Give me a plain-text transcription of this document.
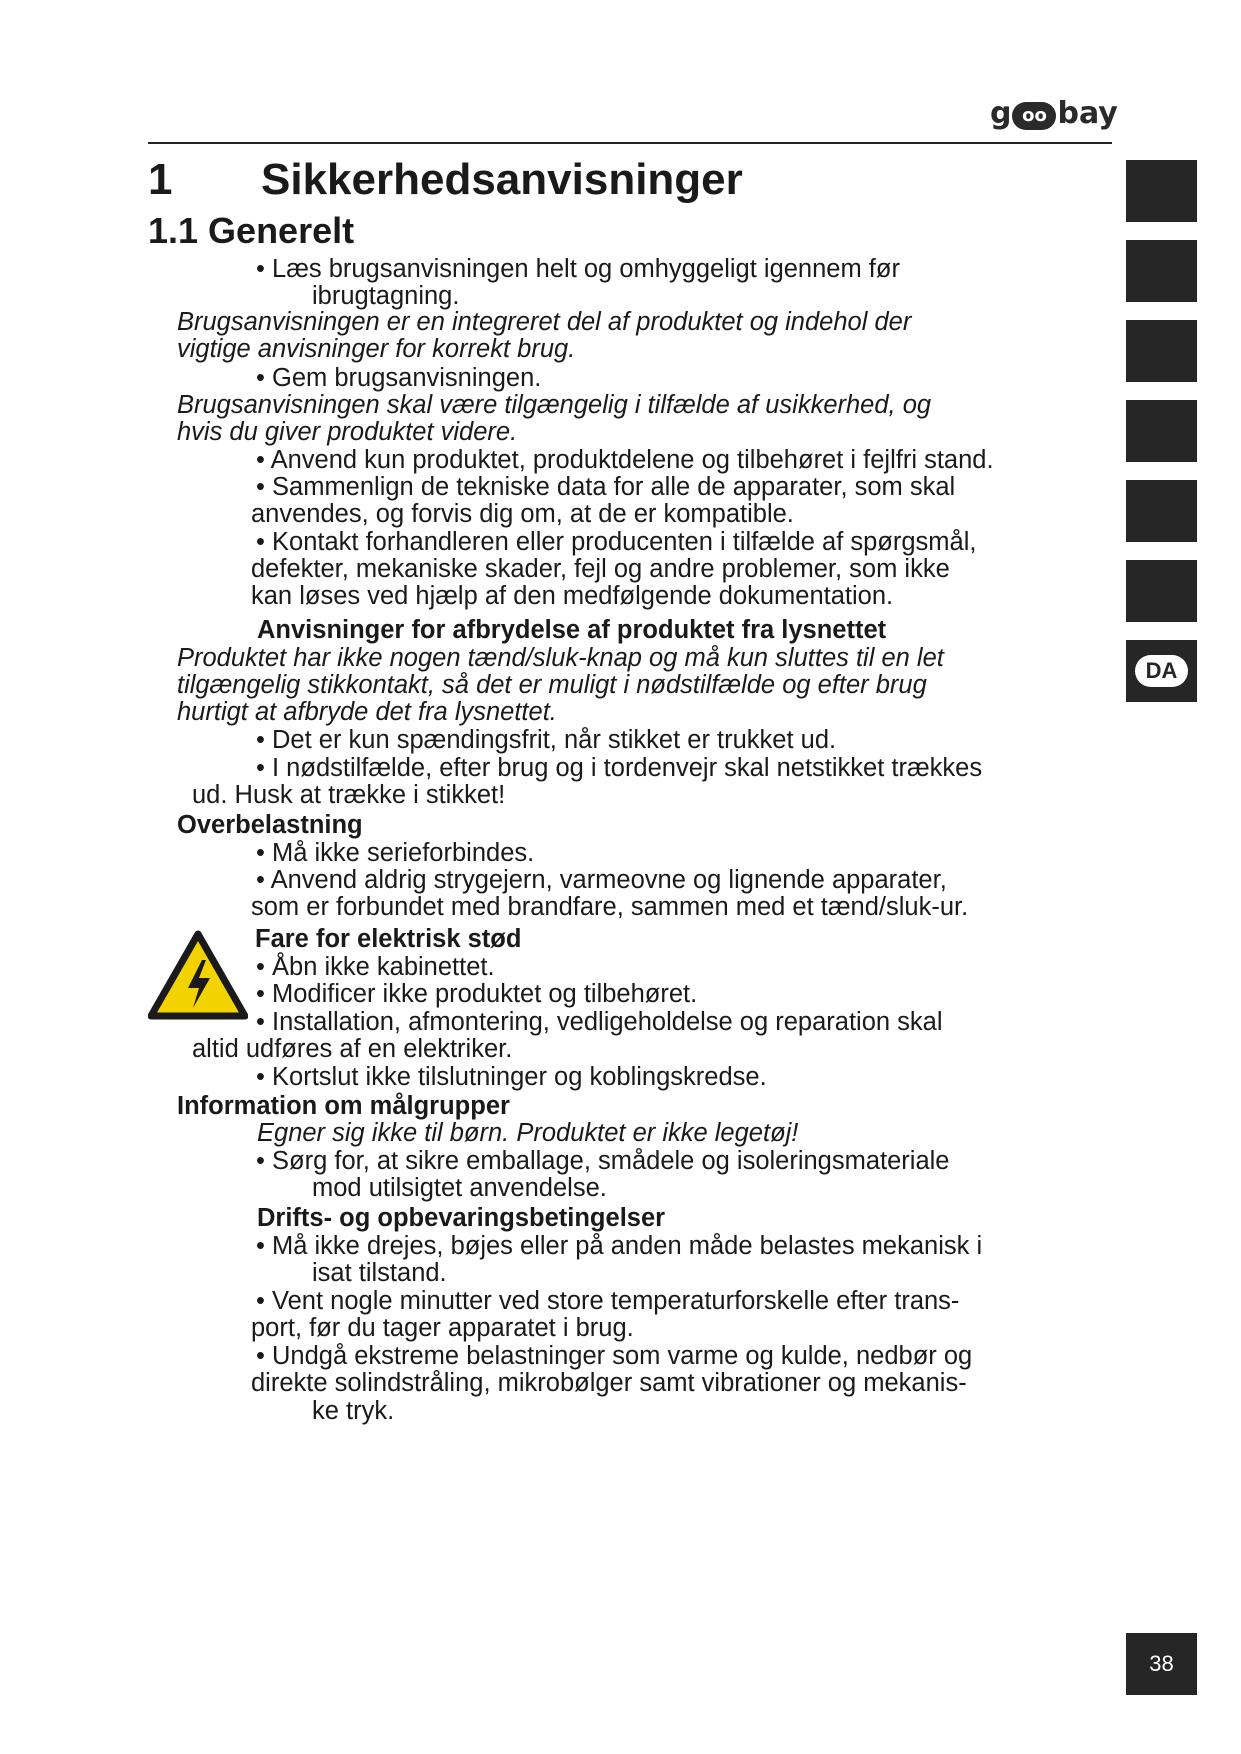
g oo bay
1 Sikkerhedsanvisninger
1.1 Generelt
• Læs brugsanvisningen helt og omhyggeligt igennem før
ibrugtagning.
Brugsanvisningen er en integreret del af produktet og indehol der
vigtige anvisninger for korrekt brug.
• Gem brugsanvisningen.
Brugsanvisningen skal være tilgængelig i tilfælde af usikkerhed, og
hvis du giver produktet videre.
• Anvend kun produktet, produktdelene og tilbehøret i fejlfri stand.
• Sammenlign de tekniske data for alle de apparater, som skal
anvendes, og forvis dig om, at de er kompatible.
• Kontakt forhandleren eller producenten i tilfælde af spørgsmål,
defekter, mekaniske skader, fejl og andre problemer, som ikke
kan løses ved hjælp af den medfølgende dokumentation.
Anvisninger for afbrydelse af produktet fra lysnettet
Produktet har ikke nogen tænd/sluk-knap og må kun sluttes til en let
tilgængelig stikkontakt, så det er muligt i nødstilfælde og efter brug
hurtigt at afbryde det fra lysnettet.
• Det er kun spændingsfrit, når stikket er trukket ud.
• I nødstilfælde, efter brug og i tordenvejr skal netstikket trækkes
ud. Husk at trække i stikket!
Overbelastning
• Må ikke serieforbindes.
• Anvend aldrig strygejern, varmeovne og lignende apparater,
som er forbundet med brandfare, sammen med et tænd/sluk-ur.
Fare for elektrisk stød
• Åbn ikke kabinettet.
• Modificer ikke produktet og tilbehøret.
• Installation, afmontering, vedligeholdelse og reparation skal
altid udføres af en elektriker.
• Kortslut ikke tilslutninger og koblingskredse.
Information om målgrupper
Egner sig ikke til børn. Produktet er ikke legetøj!
• Sørg for, at sikre emballage, smådele og isoleringsmateriale
mod utilsigtet anvendelse.
Drifts- og opbevaringsbetingelser
• Må ikke drejes, bøjes eller på anden måde belastes mekanisk i
isat tilstand.
• Vent nogle minutter ved store temperaturforskelle efter trans-
port, før du tager apparatet i brug.
• Undgå ekstreme belastninger som varme og kulde, nedbør og
direkte solindstråling, mikrobølger samt vibrationer og mekanis-
ke tryk.
DA
38
